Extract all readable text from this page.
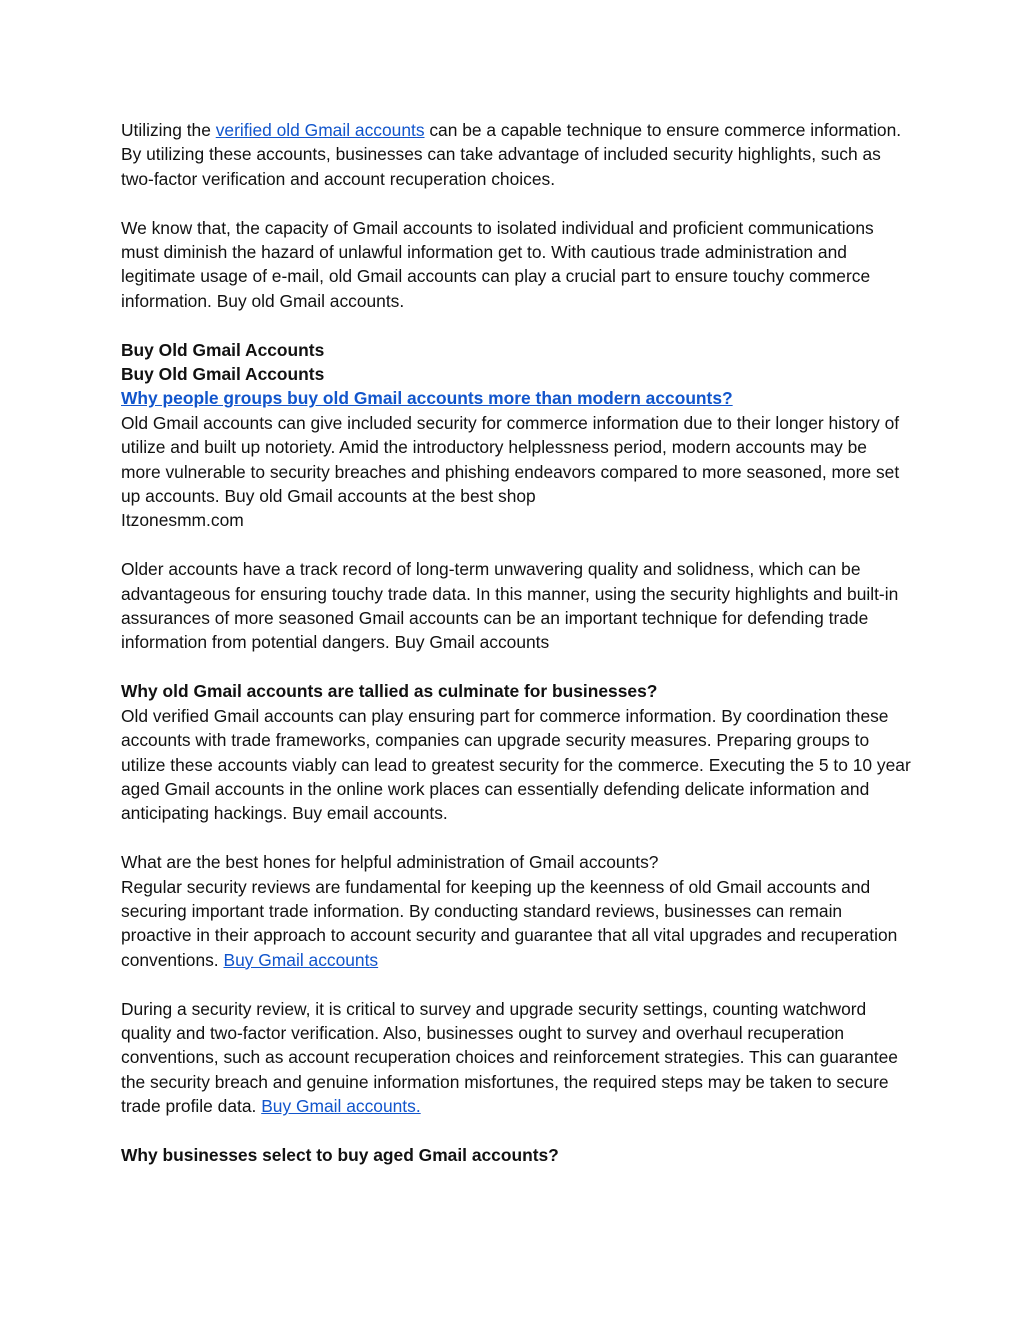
Utilizing the verified old Gmail accounts can be a capable technique to ensure commerce information. By utilizing these accounts, businesses can take advantage of included security highlights, such as two-factor verification and account recuperation choices.

We know that, the capacity of Gmail accounts to isolated individual and proficient communications must diminish the hazard of unlawful information get to. With cautious trade administration and legitimate usage of e-mail, old Gmail accounts can play a crucial part to ensure touchy commerce information. Buy old Gmail accounts.

Buy Old Gmail Accounts

Buy Old Gmail Accounts

Why people groups buy old Gmail accounts more than modern accounts?

Old Gmail accounts can give included security for commerce information due to their longer history of utilize and built up notoriety. Amid the introductory helplessness period, modern accounts may be more vulnerable to security breaches and phishing endeavors compared to more seasoned, more set up accounts. Buy old Gmail accounts at the best shop
Itzonesmm.com

Older accounts have a track record of long-term unwavering quality and solidness, which can be advantageous for ensuring touchy trade data. In this manner, using the security highlights and built-in assurances of more seasoned Gmail accounts can be an important technique for defending trade information from potential dangers. Buy Gmail accounts

Why old Gmail accounts are tallied as culminate for businesses?

Old verified Gmail accounts can play ensuring part for commerce information. By coordination these accounts with trade frameworks, companies can upgrade security measures. Preparing groups to utilize these accounts viably can lead to greatest security for the commerce. Executing the 5 to 10 year aged Gmail accounts in the online work places can essentially defending delicate information and anticipating hackings. Buy email accounts.

What are the best hones for helpful administration of Gmail accounts?

Regular security reviews are fundamental for keeping up the keenness of old Gmail accounts and securing important trade information. By conducting standard reviews, businesses can remain proactive in their approach to account security and guarantee that all vital upgrades and recuperation conventions. Buy Gmail accounts

During a security review, it is critical to survey and upgrade security settings, counting watchword quality and two-factor verification. Also, businesses ought to survey and overhaul recuperation conventions, such as account recuperation choices and reinforcement strategies. This can guarantee the security breach and genuine information misfortunes, the required steps may be taken to secure trade profile data. Buy Gmail accounts.

Why businesses select to buy aged Gmail accounts?
